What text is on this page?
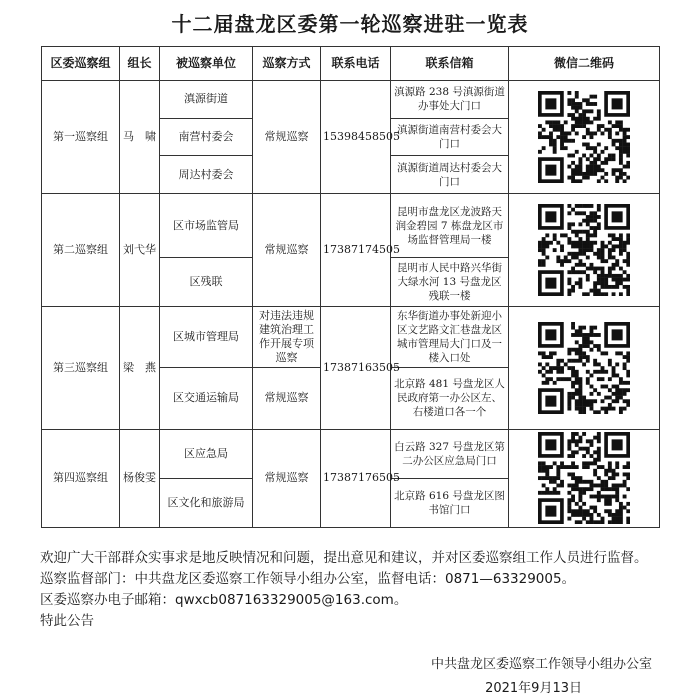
十二届盘龙区委第一轮巡察进驻一览表
区委巡察组	组长	被巡察单位	巡察方式	联系电话	联系信箱	微信二维码
第一巡察组	马　啸	滇源街道	常规巡察	15398458505	滇源路 238 号滇源街道办事处大门口	

		南营村委会			滇源街道南营村委会大门口	
		周达村委会			滇源街道周达村委会大门口	
第二巡察组	刘弋华	区市场监管局	常规巡察	17387174505	昆明市盘龙区龙波路天润金碧园 7 栋盘龙区市场监督管理局一楼	

		区残联			昆明市人民中路兴华街大绿水河 13 号盘龙区残联一楼	
第三巡察组	梁　燕	区城市管理局	对违法违规建筑治理工作开展专项巡察	17387163505	东华街道办事处新迎小区文艺路文汇巷盘龙区城市管理局大门口及一楼入口处	

		区交通运输局	常规巡察		北京路 481 号盘龙区人民政府第一办公区左、右楼道口各一个	
第四巡察组	杨俊雯	区应急局	常规巡察	17387176505	白云路 327 号盘龙区第二办公区应急局门口	

		区文化和旅游局			北京路 616 号盘龙区图书馆门口	

欢迎广大干部群众实事求是地反映情况和问题，提出意见和建议，并对区委巡察组工作人员进行监督。

巡察监督部门：中共盘龙区委巡察工作领导小组办公室，监督电话：0871—63329005。

区委巡察办电子邮箱：qwxcb087163329005@163.com。

特此公告

中共盘龙区委巡察工作领导小组办公室
2021年9月13日
